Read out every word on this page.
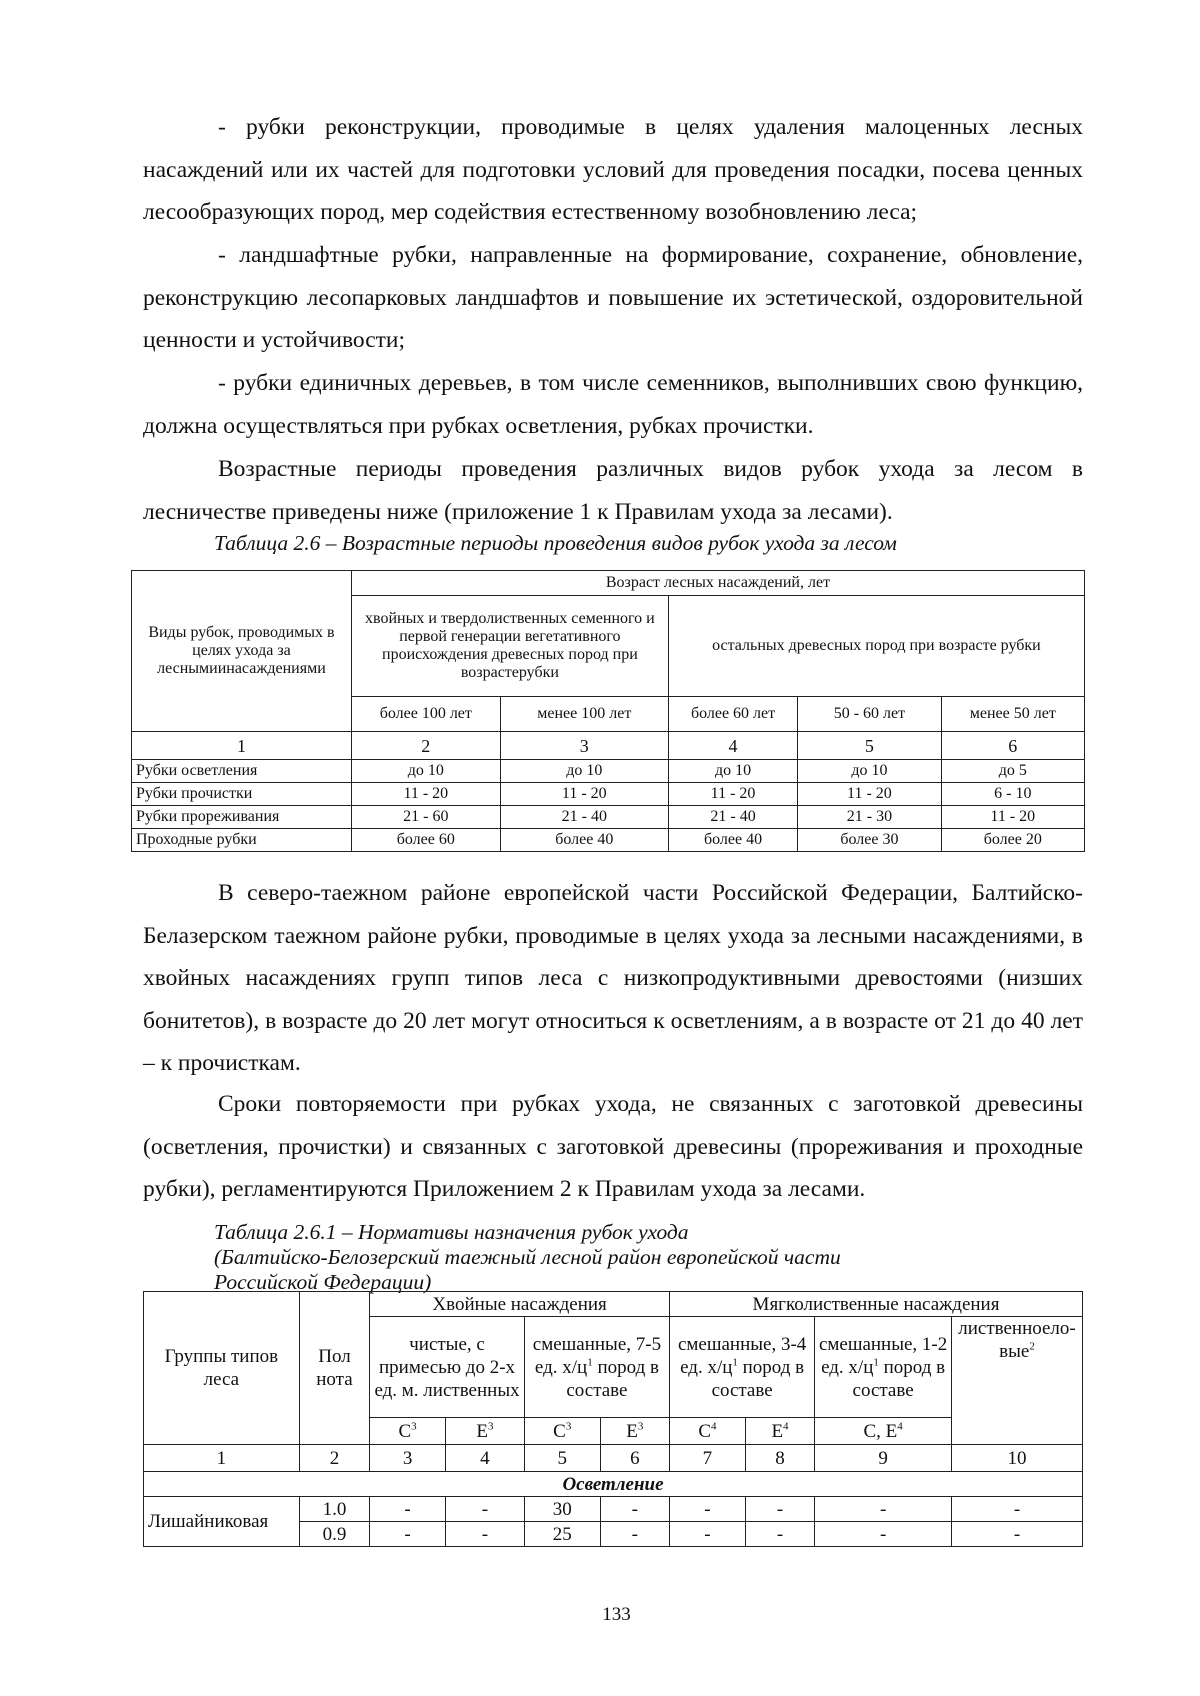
- рубки реконструкции, проводимые в целях удаления малоценных лесных насаждений или их частей для подготовки условий для проведения посадки, посева ценных лесообразующих пород, мер содействия естественному возобновлению леса;

- ландшафтные рубки, направленные на формирование, сохранение, обновление, реконструкцию лесопарковых ландшафтов и повышение их эстетической, оздоровительной ценности и устойчивости;

- рубки единичных деревьев, в том числе семенников, выполнивших свою функцию, должна осуществляться при рубках осветления, рубках прочистки.

Возрастные периоды проведения различных видов рубок ухода за лесом в лесничестве приведены ниже (приложение 1 к Правилам ухода за лесами).

Таблица 2.6 – Возрастные периоды проведения видов рубок ухода за лесом

Виды рубок, проводимых в целях ухода за леснымиинасаждениями	Возраст лесных насаждений, лет				
	хвойных и твердолиственных семенного и первой генерации вегетативного происхождения древесных пород при возрастерубки		остальных древесных пород при возрасте рубки		
	более 100 лет	менее 100 лет	более 60 лет	50 - 60 лет	менее 50 лет
1	2	3	4	5	6
Рубки осветления	до 10	до 10	до 10	до 10	до 5
Рубки прочистки	11 - 20	11 - 20	11 - 20	11 - 20	6 - 10
Рубки прореживания	21 - 60	21 - 40	21 - 40	21 - 30	11 - 20
Проходные рубки	более 60	более 40	более 40	более 30	более 20

В северо-таежном районе европейской части Российской Федерации, Балтийско-Белазерском таежном районе рубки, проводимые в целях ухода за лесными насаждениями, в хвойных насаждениях групп типов леса с низкопродуктивными древостоями (низших бонитетов), в возрасте до 20 лет могут относиться к осветлениям, а в возрасте от 21 до 40 лет – к прочисткам.

Сроки повторяемости при рубках ухода, не связанных с заготовкой древесины (осветления, прочистки) и связанных с заготовкой древесины (прореживания и проходные рубки), регламентируются Приложением 2 к Правилам ухода за лесами.

Таблица 2.6.1 – Нормативы назначения рубок ухода
(Балтийско-Белозерский таежный лесной район европейской части
Российской Федерации)
Группы типов леса	Пол нота	Хвойные насаждения				Мягколиственные насаждения			
		чистые, с примесью до 2-х ед. м. лиственных		смешанные, 7-5 ед. $х/ц^1$ пород в составе		смешанные, 3-4 ед. $х/ц^1$ пород в составе		смешанные, 1-2 ед. $х/ц^1$ пород в составе	лиственноело-вые$^2$
		$С^3$	$Е^3$	$С^3$	$Е^3$	$С^4$	$Е^4$	С, $Е^4$
1	2	3	4	5	6	7	8	9	10
Осветление									
Лишайниковая	1.0	-	-	30	-	-	-	-	-
	0.9	-	-	25	-	-	-	-	-
133
